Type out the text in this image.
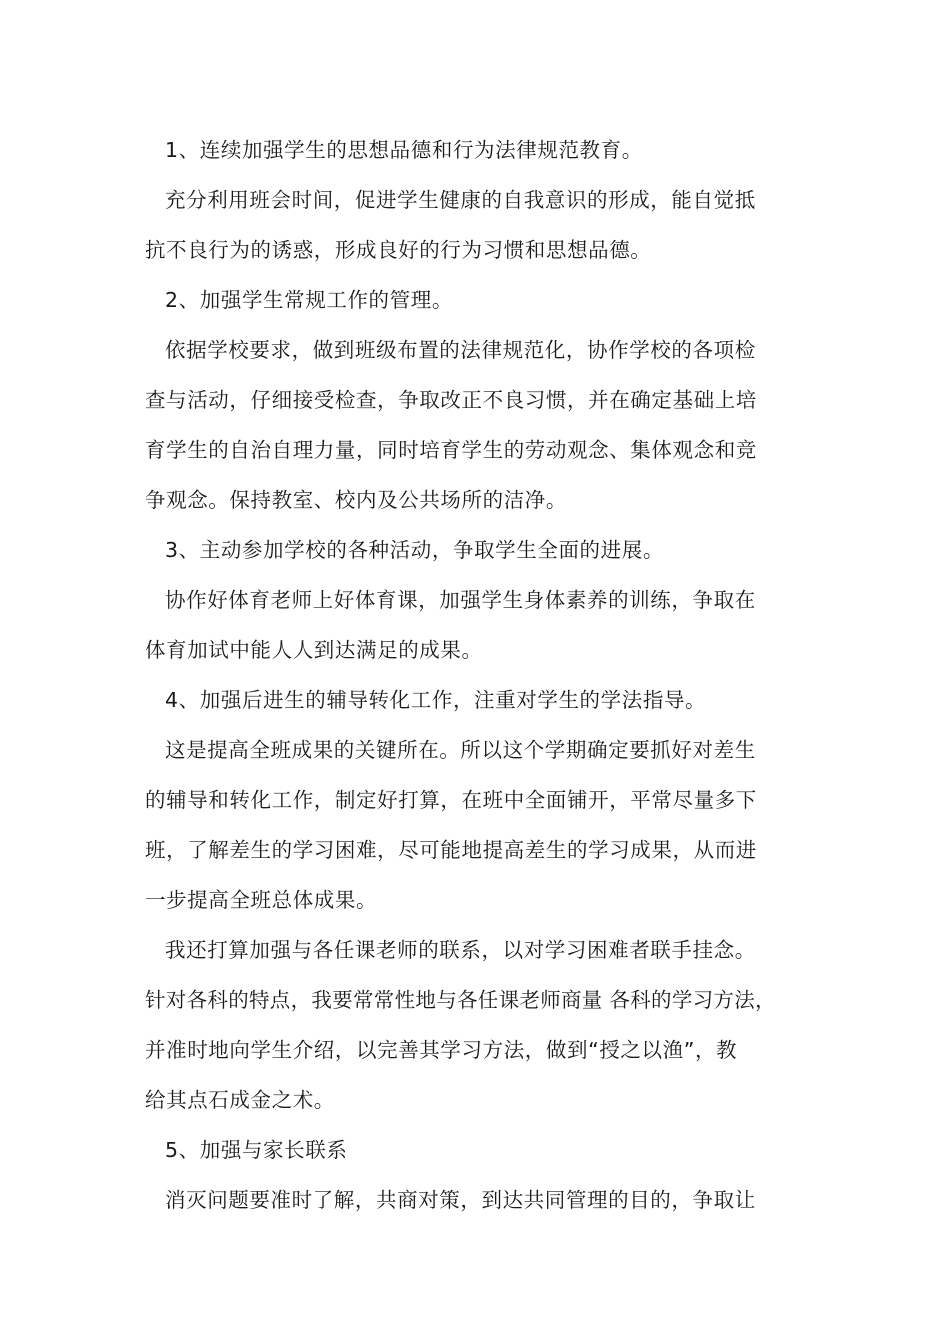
1、连续加强学生的思想品德和行为法律规范教育。
充分利用班会时间，促进学生健康的自我意识的形成，能自觉抵
抗不良行为的诱惑，形成良好的行为习惯和思想品德。
2、加强学生常规工作的管理。
依据学校要求，做到班级布置的法律规范化，协作学校的各项检
查与活动，仔细接受检查，争取改正不良习惯，并在确定基础上培
育学生的自治自理力量，同时培育学生的劳动观念、集体观念和竞
争观念。保持教室、校内及公共场所的洁净。
3、主动参加学校的各种活动，争取学生全面的进展。
协作好体育老师上好体育课，加强学生身体素养的训练，争取在
体育加试中能人人到达满足的成果。
4、加强后进生的辅导转化工作，注重对学生的学法指导。
这是提高全班成果的关键所在。所以这个学期确定要抓好对差生
的辅导和转化工作，制定好打算，在班中全面铺开，平常尽量多下
班，了解差生的学习困难，尽可能地提高差生的学习成果，从而进
一步提高全班总体成果。
我还打算加强与各任课老师的联系，以对学习困难者联手挂念。
针对各科的特点，我要常常性地与各任课老师商量 各科的学习方法，
并准时地向学生介绍，以完善其学习方法，做到“授之以渔”，教
给其点石成金之术。
5、加强与家长联系
消灭问题要准时了解，共商对策，到达共同管理的目的，争取让
